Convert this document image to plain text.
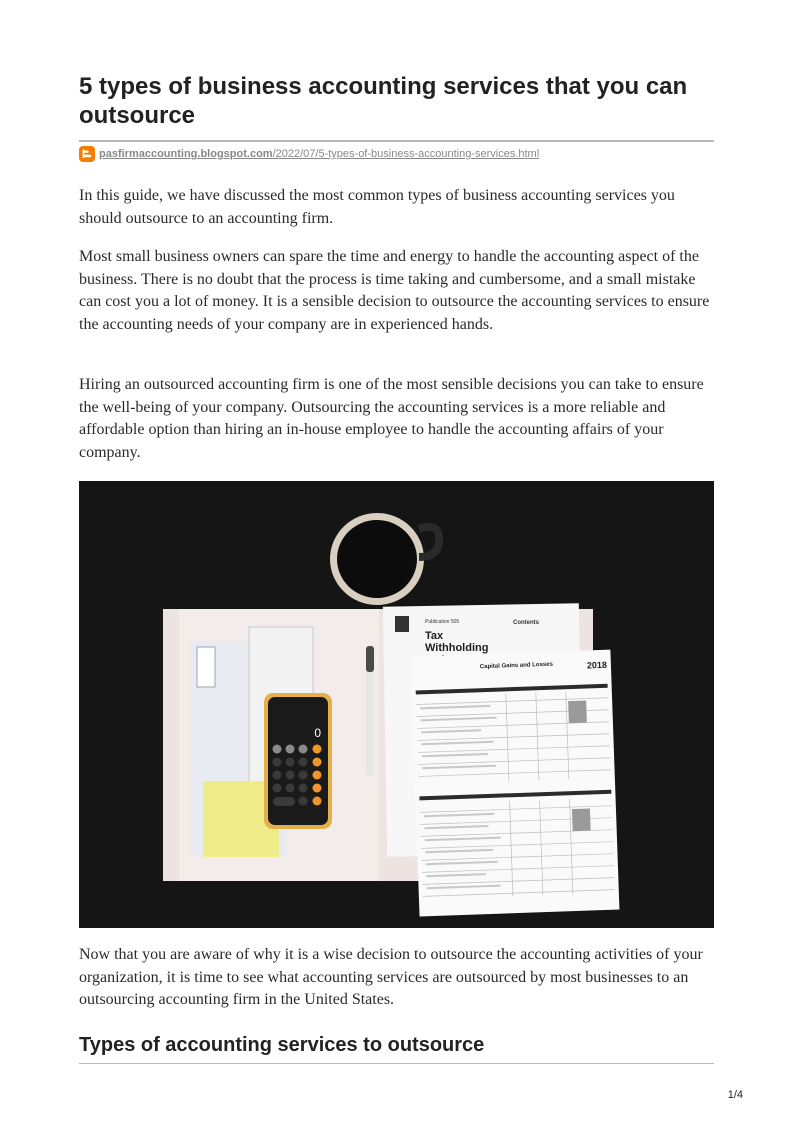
5 types of business accounting services that you can outsource
pasfirmaccounting.blogspot.com/2022/07/5-types-of-business-accounting-services.html

In this guide, we have discussed the most common types of business accounting services you should outsource to an accounting firm.

Most small business owners can spare the time and energy to handle the accounting aspect of the business. There is no doubt that the process is time taking and cumbersome, and a small mistake can cost you a lot of money. It is a sensible decision to outsource the accounting services to ensure the accounting needs of your company are in experienced hands.

Hiring an outsourced accounting firm is one of the most sensible decisions you can take to ensure the well-being of your company. Outsourcing the accounting services is a more reliable and affordable option than hiring an in-house employee to handle the accounting affairs of your company.

0
Publication 505	Contents
Tax
Withholding
Capital Gains and Losses	2018

Now that you are aware of why it is a wise decision to outsource the accounting activities of your organization, it is time to see what accounting services are outsourced by most businesses to an outsourcing accounting firm in the United States.

Types of accounting services to outsource
1/4
